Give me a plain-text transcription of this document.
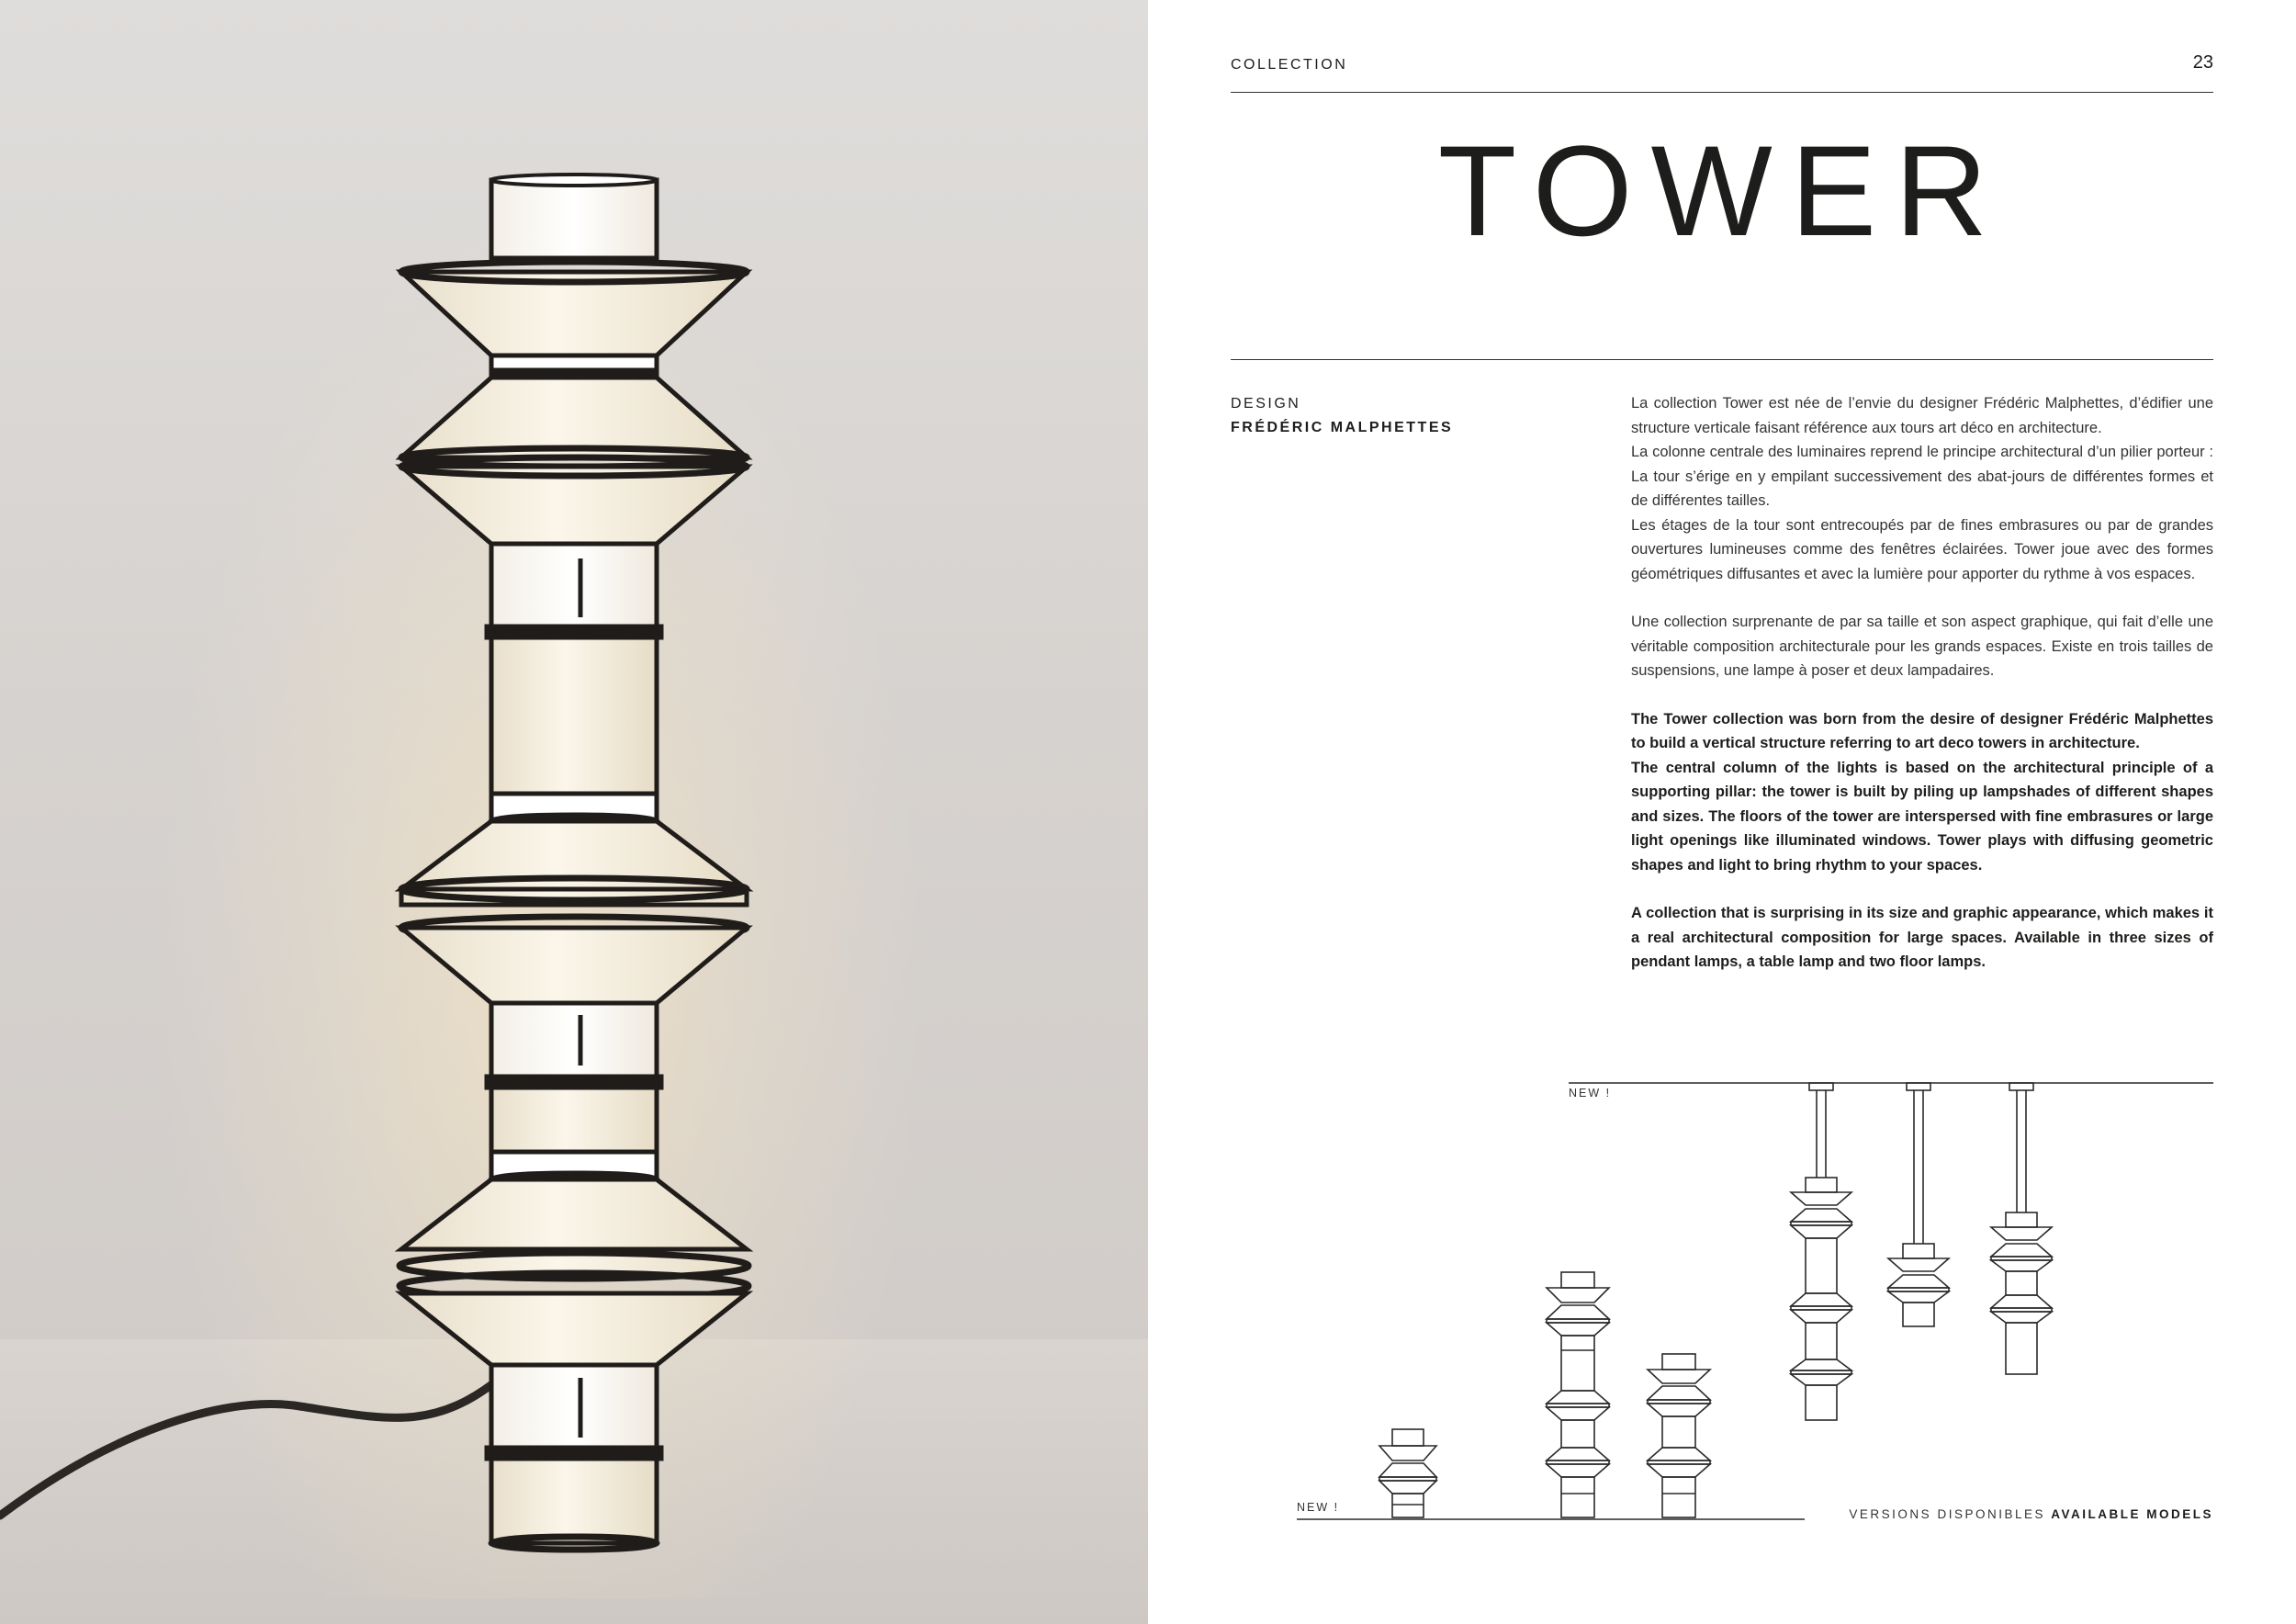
COLLECTION	23
TOWER
DESIGN
FRÉDÉRIC MALPHETTES

La collection Tower est née de l’envie du designer Frédéric Malphettes, d’édifier une structure verticale faisant référence aux tours art déco en architecture.

La colonne centrale des luminaires reprend le principe architectural d’un pilier porteur : La tour s’érige en y empilant successivement des abat-jours de différentes formes et de différentes tailles.

Les étages de la tour sont entrecoupés par de fines embrasures ou par de grandes ouvertures lumineuses comme des fenêtres éclairées. Tower joue avec des formes géométriques diffusantes et avec la lumière pour apporter du rythme à vos espaces.

Une collection surprenante de par sa taille et son aspect graphique, qui fait d’elle une véritable composition architecturale pour les grands espaces. Existe en trois tailles de suspensions, une lampe à poser et deux lampadaires.

The Tower collection was born from the desire of designer Frédéric Malphettes to build a vertical structure referring to art deco towers in architecture.

The central column of the lights is based on the architectural principle of a supporting pillar: the tower is built by piling up lampshades of different shapes and sizes. The floors of the tower are interspersed with fine embrasures or large light openings like illuminated windows. Tower plays with diffusing geometric shapes and light to bring rhythm to your spaces.

A collection that is surprising in its size and graphic appearance, which makes it a real architectural composition for large spaces. Available in three sizes of pendant lamps, a table lamp and two floor lamps.

NEW !
NEW !	VERSIONS DISPONIBLES AVAILABLE MODELS
